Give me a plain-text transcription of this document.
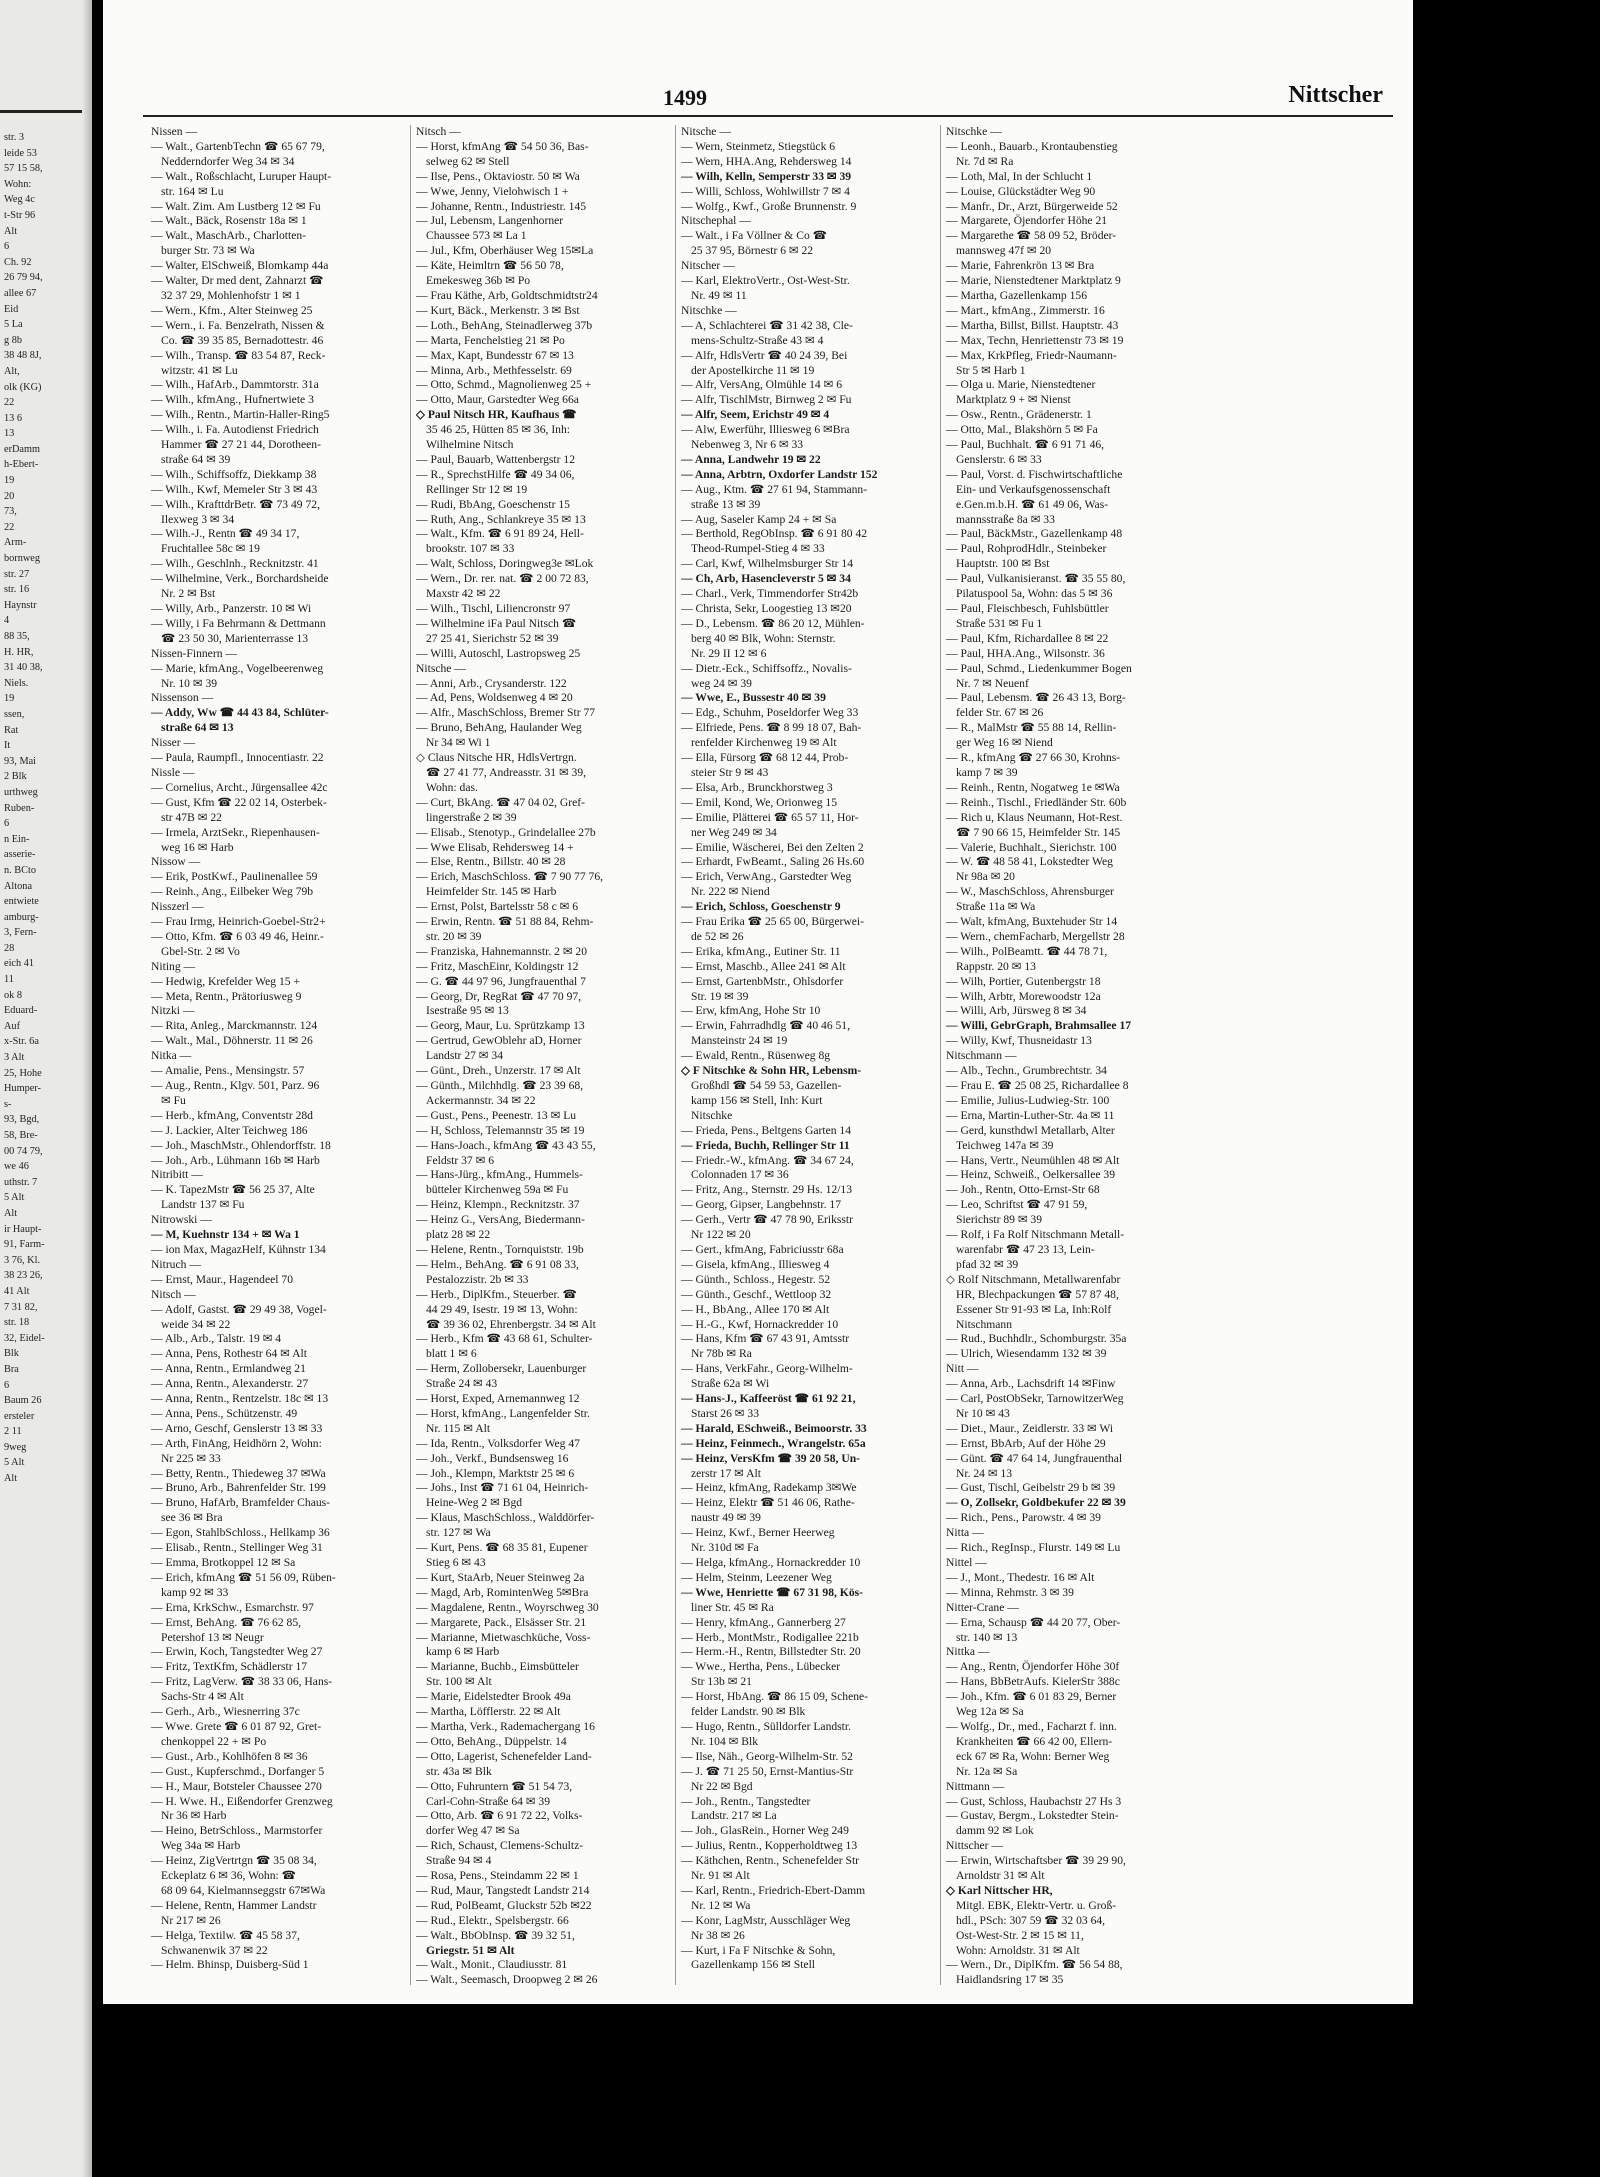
str. 3
leide 53
57 15 58,
Wohn:
Weg 4c
t-Str 96
Alt
6
Ch. 92
26 79 94,
allee 67
Eid
5 La
g 8b
38 48 8J,
Alt,
olk (KG)
22
13 6
13
erDamm
h-Ebert-
19
20
73,
22
Arm-
bornweg
str. 27
str. 16
Haynstr
4
88 35,
H. HR,
31 40 38,
Niels.
19
ssen,
Rat
It
93, Mai
2 Blk
urthweg
Ruben-
6
n Ein-
asserie-
n. BCto
Altona
entwiete
amburg-
3, Fern-
28
eich 41
11
ok 8
Eduard-
Auf
x-Str. 6a
3 Alt
25, Hohe
Humper-
s-
93, Bgd,
58, Bre-
00 74 79,
we 46
uthstr. 7
5 Alt
Alt
ir Haupt-
91, Farm-
3 76, Kl.
38 23 26,
41 Alt
7 31 82,
str. 18
32, Eidel-
Blk
Bra
6
Baum 26
ersteler
2 11
9weg
5 Alt
Alt
1499	Nittscher
Nissen —
— Walt., GartenbTechn ☎ 65 67 79,
Nedderndorfer Weg 34 ✉ 34
— Walt., Roßschlacht, Luruper Haupt-
str. 164 ✉ Lu
— Walt. Zim. Am Lustberg 12 ✉ Fu
— Walt., Bäck, Rosenstr 18a ✉ 1
— Walt., MaschArb., Charlotten-
burger Str. 73 ✉ Wa
— Walter, ElSchweiß, Blomkamp 44a
— Walter, Dr med dent, Zahnarzt ☎
32 37 29, Mohlenhofstr 1 ✉ 1
— Wern., Kfm., Alter Steinweg 25
— Wern., i. Fa. Benzelrath, Nissen &
Co. ☎ 39 35 85, Bernadottestr. 46
— Wilh., Transp. ☎ 83 54 87, Reck-
witzstr. 41 ✉ Lu
— Wilh., HafArb., Dammtorstr. 31a
— Wilh., kfmAng., Hufnertwiete 3
— Wilh., Rentn., Martin-Haller-Ring5
— Wilh., i. Fa. Autodienst Friedrich
Hammer ☎ 27 21 44, Dorotheen-
straße 64 ✉ 39
— Wilh., Schiffsoffz, Diekkamp 38
— Wilh., Kwf, Memeler Str 3 ✉ 43
— Wilh., KrafttdrBetr. ☎ 73 49 72,
Ilexweg 3 ✉ 34
— Wilh.-J., Rentn ☎ 49 34 17,
Fruchtallee 58c ✉ 19
— Wilh., Geschlnh., Recknitzstr. 41
— Wilhelmine, Verk., Borchardsheide
Nr. 2 ✉ Bst
— Willy, Arb., Panzerstr. 10 ✉ Wi
— Willy, i Fa Behrmann & Dettmann
☎ 23 50 30, Marienterrasse 13
Nissen-Finnern —
— Marie, kfmAng., Vogelbeerenweg
Nr. 10 ✉ 39
Nissenson —
— Addy, Ww ☎ 44 43 84, Schlüter-
straße 64 ✉ 13
Nisser —
— Paula, Raumpfl., Innocentiastr. 22
Nissle —
— Cornelius, Archt., Jürgensallee 42c
— Gust, Kfm ☎ 22 02 14, Osterbek-
str 47B ✉ 22
— Irmela, ArztSekr., Riepenhausen-
weg 16 ✉ Harb
Nissow —
— Erik, PostKwf., Paulinenallee 59
— Reinh., Ang., Eilbeker Weg 79b
Nisszerl —
— Frau Irmg, Heinrich-Goebel-Str2+
— Otto, Kfm. ☎ 6 03 49 46, Heinr.-
Gbel-Str. 2 ✉ Vo
Niting —
— Hedwig, Krefelder Weg 15 +
— Meta, Rentn., Prätoriusweg 9
Nitzki —
— Rita, Anleg., Marckmannstr. 124
— Walt., Mal., Döhnerstr. 11 ✉ 26
Nitka —
— Amalie, Pens., Mensingstr. 57
— Aug., Rentn., Klgv. 501, Parz. 96
✉ Fu
— Herb., kfmAng, Conventstr 28d
— J. Lackier, Alter Teichweg 186
— Joh., MaschMstr., Ohlendorffstr. 18
— Joh., Arb., Lühmann 16b ✉ Harb
Nitribitt —
— K. TapezMstr ☎ 56 25 37, Alte
Landstr 137 ✉ Fu
Nitrowski —
— M, Kuehnstr 134 + ✉ Wa 1
— ion Max, MagazHelf, Kühnstr 134
Nitruch —
— Ernst, Maur., Hagendeel 70
Nitsch —
— Adolf, Gastst. ☎ 29 49 38, Vogel-
weide 34 ✉ 22
— Alb., Arb., Talstr. 19 ✉ 4
— Anna, Pens, Rothestr 64 ✉ Alt
— Anna, Rentn., Ermlandweg 21
— Anna, Rentn., Alexanderstr. 27
— Anna, Rentn., Rentzelstr. 18c ✉ 13
— Anna, Pens., Schützenstr. 49
— Arno, Geschf, Genslerstr 13 ✉ 33
— Arth, FinAng, Heidhörn 2, Wohn:
Nr 225 ✉ 33
— Betty, Rentn., Thiedeweg 37 ✉Wa
— Bruno, Arb., Bahrenfelder Str. 199
— Bruno, HafArb, Bramfelder Chaus-
see 36 ✉ Bra
— Egon, StahlbSchloss., Hellkamp 36
— Elisab., Rentn., Stellinger Weg 31
— Emma, Brotkoppel 12 ✉ Sa
— Erich, kfmAng ☎ 51 56 09, Rüben-
kamp 92 ✉ 33
— Erna, KrkSchw., Esmarchstr. 97
— Ernst, BehAng. ☎ 76 62 85,
Petershof 13 ✉ Neugr
— Erwin, Koch, Tangstedter Weg 27
— Fritz, TextKfm, Schädlerstr 17
— Fritz, LagVerw. ☎ 38 33 06, Hans-
Sachs-Str 4 ✉ Alt
— Gerh., Arb., Wiesnerring 37c
— Wwe. Grete ☎ 6 01 87 92, Gret-
chenkoppel 22 + ✉ Po
— Gust., Arb., Kohlhöfen 8 ✉ 36
— Gust., Kupferschmd., Dorfanger 5
— H., Maur, Botsteler Chaussee 270
— H. Wwe. H., Eißendorfer Grenzweg
Nr 36 ✉ Harb
— Heino, BetrSchloss., Marmstorfer
Weg 34a ✉ Harb
— Heinz, ZigVertrtgn ☎ 35 08 34,
Eckeplatz 6 ✉ 36, Wohn: ☎
68 09 64, Kielmannseggstr 67✉Wa
— Helene, Rentn, Hammer Landstr
Nr 217 ✉ 26
— Helga, Textilw. ☎ 45 58 37,
Schwanenwik 37 ✉ 22
— Helm. Bhinsp, Duisberg-Süd 1
Nitsch —
— Horst, kfmAng ☎ 54 50 36, Bas-
selweg 62 ✉ Stell
— Ilse, Pens., Oktaviostr. 50 ✉ Wa
— Wwe, Jenny, Vielohwisch 1 +
— Johanne, Rentn., Industriestr. 145
— Jul, Lebensm, Langenhorner
Chaussee 573 ✉ La 1
— Jul., Kfm, Oberhäuser Weg 15✉La
— Käte, Heimltrn ☎ 56 50 78,
Emekesweg 36b ✉ Po
— Frau Käthe, Arb, Goldtschmidtstr24
— Kurt, Bäck., Merkenstr. 3 ✉ Bst
— Loth., BehAng, Steinadlerweg 37b
— Marta, Fenchelstieg 21 ✉ Po
— Max, Kapt, Bundesstr 67 ✉ 13
— Minna, Arb., Methfesselstr. 69
— Otto, Schmd., Magnolienweg 25 +
— Otto, Maur, Garstedter Weg 66a
◇ Paul Nitsch HR, Kaufhaus ☎
35 46 25, Hütten 85 ✉ 36, Inh:
Wilhelmine Nitsch
— Paul, Bauarb, Wattenbergstr 12
— R., SprechstHilfe ☎ 49 34 06,
Rellinger Str 12 ✉ 19
— Rudi, BbAng, Goeschenstr 15
— Ruth, Ang., Schlankreye 35 ✉ 13
— Walt., Kfm. ☎ 6 91 89 24, Hell-
brookstr. 107 ✉ 33
— Walt, Schloss, Doringweg3e ✉Lok
— Wern., Dr. rer. nat. ☎ 2 00 72 83,
Maxstr 42 ✉ 22
— Wilh., Tischl, Liliencronstr 97
— Wilhelmine iFa Paul Nitsch ☎
27 25 41, Sierichstr 52 ✉ 39
— Willi, Autoschl, Lastropsweg 25
Nitsche —
— Anni, Arb., Crysanderstr. 122
— Ad, Pens, Woldsenweg 4 ✉ 20
— Alfr., MaschSchloss, Bremer Str 77
— Bruno, BehAng, Haulander Weg
Nr 34 ✉ Wi 1
◇ Claus Nitsche HR, HdlsVertrgn.
☎ 27 41 77, Andreasstr. 31 ✉ 39,
Wohn: das.
— Curt, BkAng. ☎ 47 04 02, Gref-
lingerstraße 2 ✉ 39
— Elisab., Stenotyp., Grindelallee 27b
— Wwe Elisab, Rehdersweg 14 +
— Else, Rentn., Billstr. 40 ✉ 28
— Erich, MaschSchloss. ☎ 7 90 77 76,
Heimfelder Str. 145 ✉ Harb
— Ernst, Polst, Bartelsstr 58 c ✉ 6
— Erwin, Rentn. ☎ 51 88 84, Rehm-
str. 20 ✉ 39
— Franziska, Hahnemannstr. 2 ✉ 20
— Fritz, MaschEinr, Koldingstr 12
— G. ☎ 44 97 96, Jungfrauenthal 7
— Georg, Dr, RegRat ☎ 47 70 97,
Isestraße 95 ✉ 13
— Georg, Maur, Lu. Sprützkamp 13
— Gertrud, GewOblehr aD, Horner
Landstr 27 ✉ 34
— Günt., Dreh., Unzerstr. 17 ✉ Alt
— Günth., Milchhdlg. ☎ 23 39 68,
Ackermannstr. 34 ✉ 22
— Gust., Pens., Peenestr. 13 ✉ Lu
— H, Schloss, Telemannstr 35 ✉ 19
— Hans-Joach., kfmAng ☎ 43 43 55,
Feldstr 37 ✉ 6
— Hans-Jürg., kfmAng., Hummels-
bütteler Kirchenweg 59a ✉ Fu
— Heinz, Klempn., Recknitzstr. 37
— Heinz G., VersAng, Biedermann-
platz 28 ✉ 22
— Helene, Rentn., Tornquiststr. 19b
— Helm., BehAng. ☎ 6 91 08 33,
Pestalozzistr. 2b ✉ 33
— Herb., DiplKfm., Steuerber. ☎
44 29 49, Isestr. 19 ✉ 13, Wohn:
☎ 39 36 02, Ehrenbergstr. 34 ✉ Alt
— Herb., Kfm ☎ 43 68 61, Schulter-
blatt 1 ✉ 6
— Herm, Zollobersekr, Lauenburger
Straße 24 ✉ 43
— Horst, Exped, Arnemannweg 12
— Horst, kfmAng., Langenfelder Str.
Nr. 115 ✉ Alt
— Ida, Rentn., Volksdorfer Weg 47
— Joh., Verkf., Bundsensweg 16
— Joh., Klempn, Marktstr 25 ✉ 6
— Johs., Inst ☎ 71 61 04, Heinrich-
Heine-Weg 2 ✉ Bgd
— Klaus, MaschSchloss., Walddörfer-
str. 127 ✉ Wa
— Kurt, Pens. ☎ 68 35 81, Eupener
Stieg 6 ✉ 43
— Kurt, StaArb, Neuer Steinweg 2a
— Magd, Arb, RomintenWeg 5✉Bra
— Magdalene, Rentn., Woyrschweg 30
— Margarete, Pack., Elsässer Str. 21
— Marianne, Mietwaschküche, Voss-
kamp 6 ✉ Harb
— Marianne, Buchb., Eimsbütteler
Str. 100 ✉ Alt
— Marie, Eidelstedter Brook 49a
— Martha, Löfflerstr. 22 ✉ Alt
— Martha, Verk., Rademachergang 16
— Otto, BehAng., Düppelstr. 14
— Otto, Lagerist, Schenefelder Land-
str. 43a ✉ Blk
— Otto, Fuhruntern ☎ 51 54 73,
Carl-Cohn-Straße 64 ✉ 39
— Otto, Arb. ☎ 6 91 72 22, Volks-
dorfer Weg 47 ✉ Sa
— Rich, Schaust, Clemens-Schultz-
Straße 94 ✉ 4
— Rosa, Pens., Steindamm 22 ✉ 1
— Rud, Maur, Tangstedt Landstr 214
— Rud, PolBeamt, Gluckstr 52b ✉22
— Rud., Elektr., Spelsbergstr. 66
— Walt., BbObInsp. ☎ 39 32 51,
Griegstr. 51 ✉ Alt
— Walt., Monit., Claudiusstr. 81
— Walt., Seemasch, Droopweg 2 ✉ 26
Nitsche —
— Wern, Steinmetz, Stiegstück 6
— Wern, HHA.Ang, Rehdersweg 14
— Wilh, Kelln, Semperstr 33 ✉ 39
— Willi, Schloss, Wohlwillstr 7 ✉ 4
— Wolfg., Kwf., Große Brunnenstr. 9
Nitschephal —
— Walt., i Fa Völlner & Co ☎
25 37 95, Börnestr 6 ✉ 22
Nitscher —
— Karl, ElektroVertr., Ost-West-Str.
Nr. 49 ✉ 11
Nitschke —
— A, Schlachterei ☎ 31 42 38, Cle-
mens-Schultz-Straße 43 ✉ 4
— Alfr, HdlsVertr ☎ 40 24 39, Bei
der Apostelkirche 11 ✉ 19
— Alfr, VersAng, Olmühle 14 ✉ 6
— Alfr, TischlMstr, Birnweg 2 ✉ Fu
— Alfr, Seem, Erichstr 49 ✉ 4
— Alw, Ewerführ, Illiesweg 6 ✉Bra
Nebenweg 3, Nr 6 ✉ 33
— Anna, Landwehr 19 ✉ 22
— Anna, Arbtrn, Oxdorfer Landstr 152
— Aug., Ktm. ☎ 27 61 94, Stammann-
straße 13 ✉ 39
— Aug, Saseler Kamp 24 + ✉ Sa
— Berthold, RegObInsp. ☎ 6 91 80 42
Theod-Rumpel-Stieg 4 ✉ 33
— Carl, Kwf, Wilhelmsburger Str 14
— Ch, Arb, Hasencleverstr 5 ✉ 34
— Charl., Verk, Timmendorfer Str42b
— Christa, Sekr, Loogestieg 13 ✉20
— D., Lebensm. ☎ 86 20 12, Mühlen-
berg 40 ✉ Blk, Wohn: Sternstr.
Nr. 29 II 12 ✉ 6
— Dietr.-Eck., Schiffsoffz., Novalis-
weg 24 ✉ 39
— Wwe, E., Bussestr 40 ✉ 39
— Edg., Schuhm, Poseldorfer Weg 33
— Elfriede, Pens. ☎ 8 99 18 07, Bah-
renfelder Kirchenweg 19 ✉ Alt
— Ella, Fürsorg ☎ 68 12 44, Prob-
steier Str 9 ✉ 43
— Elsa, Arb., Brunckhorstweg 3
— Emil, Kond, We, Orionweg 15
— Emilie, Plätterei ☎ 65 57 11, Hor-
ner Weg 249 ✉ 34
— Emilie, Wäscherei, Bei den Zelten 2
— Erhardt, FwBeamt., Saling 26 Hs.60
— Erich, VerwAng., Garstedter Weg
Nr. 222 ✉ Niend
— Erich, Schloss, Goeschenstr 9
— Frau Erika ☎ 25 65 00, Bürgerwei-
de 52 ✉ 26
— Erika, kfmAng., Eutiner Str. 11
— Ernst, Maschb., Allee 241 ✉ Alt
— Ernst, GartenbMstr., Ohlsdorfer
Str. 19 ✉ 39
— Erw, kfmAng, Hohe Str 10
— Erwin, Fahrradhdlg ☎ 40 46 51,
Mansteinstr 24 ✉ 19
— Ewald, Rentn., Rüsenweg 8g
◇ F Nitschke & Sohn HR, Lebensm-
Großhdl ☎ 54 59 53, Gazellen-
kamp 156 ✉ Stell, Inh: Kurt
Nitschke
— Frieda, Pens., Beltgens Garten 14
— Frieda, Buchh, Rellinger Str 11
— Friedr.-W., kfmAng. ☎ 34 67 24,
Colonnaden 17 ✉ 36
— Fritz, Ang., Sternstr. 29 Hs. 12/13
— Georg, Gipser, Langbehnstr. 17
— Gerh., Vertr ☎ 47 78 90, Eriksstr
Nr 122 ✉ 20
— Gert., kfmAng, Fabriciusstr 68a
— Gisela, kfmAng., Illiesweg 4
— Günth., Schloss., Hegestr. 52
— Günth., Geschf., Wettloop 32
— H., BbAng., Allee 170 ✉ Alt
— H.-G., Kwf, Hornackredder 10
— Hans, Kfm ☎ 67 43 91, Amtsstr
Nr 78b ✉ Ra
— Hans, VerkFahr., Georg-Wilhelm-
Straße 62a ✉ Wi
— Hans-J., Kaffeeröst ☎ 61 92 21,
Starst 26 ✉ 33
— Harald, ESchweiß., Beimoorstr. 33
— Heinz, Feinmech., Wrangelstr. 65a
— Heinz, VersKfm ☎ 39 20 58, Un-
zerstr 17 ✉ Alt
— Heinz, kfmAng, Radekamp 3✉We
— Heinz, Elektr ☎ 51 46 06, Rathe-
naustr 49 ✉ 39
— Heinz, Kwf., Berner Heerweg
Nr. 310d ✉ Fa
— Helga, kfmAng., Hornackredder 10
— Helm, Steinm, Leezener Weg
— Wwe, Henriette ☎ 67 31 98, Kös-
liner Str. 45 ✉ Ra
— Henry, kfmAng., Gannerberg 27
— Herb., MontMstr., Rodigallee 221b
— Herm.-H., Rentn, Billstedter Str. 20
— Wwe., Hertha, Pens., Lübecker
Str 13b ✉ 21
— Horst, HbAng. ☎ 86 15 09, Schene-
felder Landstr. 90 ✉ Blk
— Hugo, Rentn., Sülldorfer Landstr.
Nr. 104 ✉ Blk
— Ilse, Näh., Georg-Wilhelm-Str. 52
— J. ☎ 71 25 50, Ernst-Mantius-Str
Nr 22 ✉ Bgd
— Joh., Rentn., Tangstedter
Landstr. 217 ✉ La
— Joh., GlasRein., Horner Weg 249
— Julius, Rentn., Kopperholdtweg 13
— Käthchen, Rentn., Schenefelder Str
Nr. 91 ✉ Alt
— Karl, Rentn., Friedrich-Ebert-Damm
Nr. 12 ✉ Wa
— Konr, LagMstr, Ausschläger Weg
Nr 38 ✉ 26
— Kurt, i Fa F Nitschke & Sohn,
Gazellenkamp 156 ✉ Stell
Nitschke —
— Leonh., Bauarb., Krontaubenstieg
Nr. 7d ✉ Ra
— Loth, Mal, In der Schlucht 1
— Louise, Glückstädter Weg 90
— Manfr., Dr., Arzt, Bürgerweide 52
— Margarete, Öjendorfer Höhe 21
— Margarethe ☎ 58 09 52, Bröder-
mannsweg 47f ✉ 20
— Marie, Fahrenkrön 13 ✉ Bra
— Marie, Nienstedtener Marktplatz 9
— Martha, Gazellenkamp 156
— Mart., kfmAng., Zimmerstr. 16
— Martha, Billst, Billst. Hauptstr. 43
— Max, Techn, Henriettenstr 73 ✉ 19
— Max, KrkPfleg, Friedr-Naumann-
Str 5 ✉ Harb 1
— Olga u. Marie, Nienstedtener
Marktplatz 9 + ✉ Nienst
— Osw., Rentn., Grädenerstr. 1
— Otto, Mal., Blakshörn 5 ✉ Fa
— Paul, Buchhalt. ☎ 6 91 71 46,
Genslerstr. 6 ✉ 33
— Paul, Vorst. d. Fischwirtschaftliche
Ein- und Verkaufsgenossenschaft
e.Gen.m.b.H. ☎ 61 49 06, Was-
mannsstraße 8a ✉ 33
— Paul, BäckMstr., Gazellenkamp 48
— Paul, RohprodHdlr., Steinbeker
Hauptstr. 100 ✉ Bst
— Paul, Vulkanisieranst. ☎ 35 55 80,
Pilatuspool 5a, Wohn: das 5 ✉ 36
— Paul, Fleischbesch, Fuhlsbüttler
Straße 531 ✉ Fu 1
— Paul, Kfm, Richardallee 8 ✉ 22
— Paul, HHA.Ang., Wilsonstr. 36
— Paul, Schmd., Liedenkummer Bogen
Nr. 7 ✉ Neuenf
— Paul, Lebensm. ☎ 26 43 13, Borg-
felder Str. 67 ✉ 26
— R., MalMstr ☎ 55 88 14, Rellin-
ger Weg 16 ✉ Niend
— R., kfmAng ☎ 27 66 30, Krohns-
kamp 7 ✉ 39
— Reinh., Rentn, Nogatweg 1e ✉Wa
— Reinh., Tischl., Friedländer Str. 60b
— Rich u, Klaus Neumann, Hot-Rest.
☎ 7 90 66 15, Heimfelder Str. 145
— Valerie, Buchhalt., Sierichstr. 100
— W. ☎ 48 58 41, Lokstedter Weg
Nr 98a ✉ 20
— W., MaschSchloss, Ahrensburger
Straße 11a ✉ Wa
— Walt, kfmAng, Buxtehuder Str 14
— Wern., chemFacharb, Mergellstr 28
— Wilh., PolBeamtt. ☎ 44 78 71,
Rappstr. 20 ✉ 13
— Wilh, Portier, Gutenbergstr 18
— Wilh, Arbtr, Morewoodstr 12a
— Willi, Arb, Jürsweg 8 ✉ 34
— Willi, GebrGraph, Brahmsallee 17
— Willy, Kwf, Thusneidastr 13
Nitschmann —
— Alb., Techn., Grumbrechtstr. 34
— Frau E. ☎ 25 08 25, Richardallee 8
— Emilie, Julius-Ludwieg-Str. 100
— Erna, Martin-Luther-Str. 4a ✉ 11
— Gerd, kunsthdwl Metallarb, Alter
Teichweg 147a ✉ 39
— Hans, Vertr., Neumühlen 48 ✉ Alt
— Heinz, Schweiß., Oelkersallee 39
— Joh., Rentn, Otto-Ernst-Str 68
— Leo, Schriftst ☎ 47 91 59,
Sierichstr 89 ✉ 39
— Rolf, i Fa Rolf Nitschmann Metall-
warenfabr ☎ 47 23 13, Lein-
pfad 32 ✉ 39
◇ Rolf Nitschmann, Metallwarenfabr
HR, Blechpackungen ☎ 57 87 48,
Essener Str 91-93 ✉ La, Inh:Rolf
Nitschmann
— Rud., Buchhdlr., Schomburgstr. 35a
— Ulrich, Wiesendamm 132 ✉ 39
Nitt —
— Anna, Arb., Lachsdrift 14 ✉Finw
— Carl, PostObSekr, TarnowitzerWeg
Nr 10 ✉ 43
— Diet., Maur., Zeidlerstr. 33 ✉ Wi
— Ernst, BbArb, Auf der Höhe 29
— Günt. ☎ 47 64 14, Jungfrauenthal
Nr. 24 ✉ 13
— Gust, Tischl, Geibelstr 29 b ✉ 39
— O, Zollsekr, Goldbekufer 22 ✉ 39
— Rich., Pens., Parowstr. 4 ✉ 39
Nitta —
— Rich., RegInsp., Flurstr. 149 ✉ Lu
Nittel —
— J., Mont., Thedestr. 16 ✉ Alt
— Minna, Rehmstr. 3 ✉ 39
Nitter-Crane —
— Erna, Schausp ☎ 44 20 77, Ober-
str. 140 ✉ 13
Nittka —
— Ang., Rentn, Öjendorfer Höhe 30f
— Hans, BbBetrAufs. KielerStr 388c
— Joh., Kfm. ☎ 6 01 83 29, Berner
Weg 12a ✉ Sa
— Wolfg., Dr., med., Facharzt f. inn.
Krankheiten ☎ 66 42 00, Ellern-
eck 67 ✉ Ra, Wohn: Berner Weg
Nr. 12a ✉ Sa
Nittmann —
— Gust, Schloss, Haubachstr 27 Hs 3
— Gustav, Bergm., Lokstedter Stein-
damm 92 ✉ Lok
Nittscher —
— Erwin, Wirtschaftsber ☎ 39 29 90,
Arnoldstr 31 ✉ Alt
◇ Karl Nittscher HR,
Mitgl. EBK, Elektr-Vertr. u. Groß-
hdl., PSch: 307 59 ☎ 32 03 64,
Ost-West-Str. 2 ✉ 15 ✉ 11,
Wohn: Arnoldstr. 31 ✉ Alt
— Wern., Dr., DiplKfm. ☎ 56 54 88,
Haidlandsring 17 ✉ 35
